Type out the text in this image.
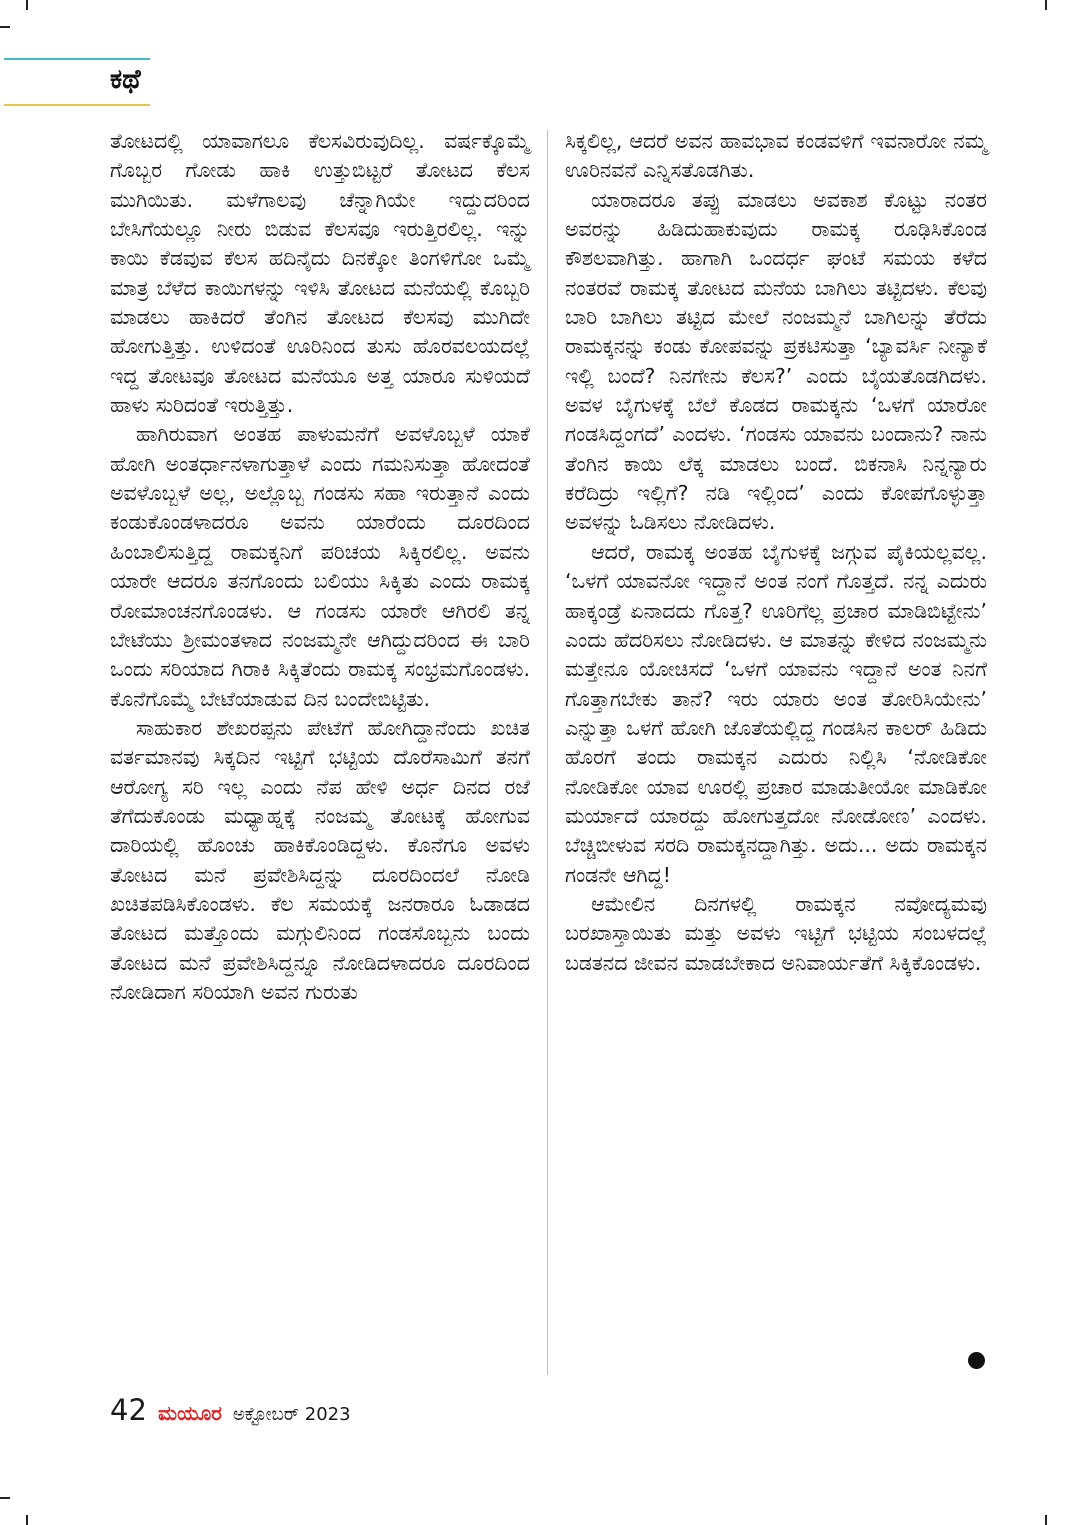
ಕಥೆ

ತೋಟದಲ್ಲಿ ಯಾವಾಗಲೂ ಕೆಲಸವಿರುವುದಿಲ್ಲ. ವರ್ಷಕ್ಕೊಮ್ಮೆ ಗೊಬ್ಬರ ಗೋಡು ಹಾಕಿ ಉತ್ತುಬಿಟ್ಟರೆ ತೋಟದ ಕೆಲಸ ಮುಗಿಯಿತು. ಮಳೆಗಾಲವು ಚೆನ್ನಾಗಿಯೇ ಇದ್ದುದರಿಂದ ಬೇಸಿಗೆಯಲ್ಲೂ ನೀರು ಬಿಡುವ ಕೆಲಸವೂ ಇರುತ್ತಿರಲಿಲ್ಲ. ಇನ್ನು ಕಾಯಿ ಕೆಡವುವ ಕೆಲಸ ಹದಿನೈದು ದಿನಕ್ಕೋ ತಿಂಗಳಿಗೋ ಒಮ್ಮೆ ಮಾತ್ರ ಬೆಳೆದ ಕಾಯಿಗಳನ್ನು ಇಳಿಸಿ ತೋಟದ ಮನೆಯಲ್ಲಿ ಕೊಬ್ಬರಿ ಮಾಡಲು ಹಾಕಿದರೆ ತೆಂಗಿನ ತೋಟದ ಕೆಲಸವು ಮುಗಿದೇ ಹೋಗುತ್ತಿತ್ತು. ಉಳಿದಂತೆ ಊರಿನಿಂದ ತುಸು ಹೊರವಲಯದಲ್ಲೆ ಇದ್ದ ತೋಟವೂ ತೋಟದ ಮನೆಯೂ ಅತ್ತ ಯಾರೂ ಸುಳಿಯದೆ ಹಾಳು ಸುರಿದಂತೆ ಇರುತ್ತಿತ್ತು.

ಹಾಗಿರುವಾಗ ಅಂತಹ ಪಾಳುಮನೆಗೆ ಅವಳೊಬ್ಬಳೆ ಯಾಕೆ ಹೋಗಿ ಅಂತರ್ಧಾನಳಾಗುತ್ತಾಳೆ ಎಂದು ಗಮನಿಸುತ್ತಾ ಹೋದಂತೆ ಅವಳೊಬ್ಬಳೆ ಅಲ್ಲ, ಅಲ್ಲೊಬ್ಬ ಗಂಡಸು ಸಹಾ ಇರುತ್ತಾನೆ ಎಂದು ಕಂಡುಕೊಂಡಳಾದರೂ ಅವನು ಯಾರೆಂದು ದೂರದಿಂದ ಹಿಂಬಾಲಿಸುತ್ತಿದ್ದ ರಾಮಕ್ಕನಿಗೆ ಪರಿಚಯ ಸಿಕ್ಕಿರಲಿಲ್ಲ. ಅವನು ಯಾರೇ ಆದರೂ ತನಗೊಂದು ಬಲಿಯು ಸಿಕ್ಕಿತು ಎಂದು ರಾಮಕ್ಕ ರೋಮಾಂಚನಗೊಂಡಳು. ಆ ಗಂಡಸು ಯಾರೇ ಆಗಿರಲಿ ತನ್ನ ಬೇಟೆಯು ಶ್ರೀಮಂತಳಾದ ನಂಜಮ್ಮನೇ ಆಗಿದ್ದುದರಿಂದ ಈ ಬಾರಿ ಒಂದು ಸರಿಯಾದ ಗಿರಾಕಿ ಸಿಕ್ಕಿತೆಂದು ರಾಮಕ್ಕ ಸಂಭ್ರಮಗೊಂಡಳು. ಕೊನೆಗೊಮ್ಮೆ ಬೇಟೆಯಾಡುವ ದಿನ ಬಂದೇಬಿಟ್ಟಿತು.

ಸಾಹುಕಾರ ಶೇಖರಪ್ಪನು ಪೇಟೆಗೆ ಹೋಗಿದ್ದಾನೆಂದು ಖಚಿತ ವರ್ತಮಾನವು ಸಿಕ್ಕದಿನ ಇಟ್ಟಿಗೆ ಭಟ್ಟಿಯ ದೊರೆಸಾಮಿಗೆ ತನಗೆ ಆರೋಗ್ಯ ಸರಿ ಇಲ್ಲ ಎಂದು ನೆಪ ಹೇಳಿ ಅರ್ಧ ದಿನದ ರಜೆ ತೆಗೆದುಕೊಂಡು ಮಧ್ಯಾಹ್ನಕ್ಕೆ ನಂಜಮ್ಮ ತೋಟಕ್ಕೆ ಹೋಗುವ ದಾರಿಯಲ್ಲಿ ಹೊಂಚು ಹಾಕಿಕೊಂಡಿದ್ದಳು. ಕೊನೆಗೂ ಅವಳು ತೋಟದ ಮನೆ ಪ್ರವೇಶಿಸಿದ್ದನ್ನು ದೂರದಿಂದಲೆ ನೋಡಿ ಖಚಿತಪಡಿಸಿಕೊಂಡಳು. ಕೆಲ ಸಮಯಕ್ಕೆ ಜನರಾರೂ ಓಡಾಡದ ತೋಟದ ಮತ್ತೊಂದು ಮಗ್ಗುಲಿನಿಂದ ಗಂಡಸೊಬ್ಬನು ಬಂದು ತೋಟದ ಮನೆ ಪ್ರವೇಶಿಸಿದ್ದನ್ನೂ ನೋಡಿದಳಾದರೂ ದೂರದಿಂದ ನೋಡಿದಾಗ ಸರಿಯಾಗಿ ಅವನ ಗುರುತು

ಸಿಕ್ಕಲಿಲ್ಲ, ಆದರೆ ಅವನ ಹಾವಭಾವ ಕಂಡವಳಿಗೆ ಇವನಾರೋ ನಮ್ಮ ಊರಿನವನೆ ಎನ್ನಿಸತೊಡಗಿತು.

ಯಾರಾದರೂ ತಪ್ಪು ಮಾಡಲು ಅವಕಾಶ ಕೊಟ್ಟು ನಂತರ ಅವರನ್ನು ಹಿಡಿದುಹಾಕುವುದು ರಾಮಕ್ಕ ರೂಢಿಸಿಕೊಂಡ ಕೌಶಲವಾಗಿತ್ತು. ಹಾಗಾಗಿ ಒಂದರ್ಧ ಘಂಟೆ ಸಮಯ ಕಳೆದ ನಂತರವೆ ರಾಮಕ್ಕ ತೋಟದ ಮನೆಯ ಬಾಗಿಲು ತಟ್ಟಿದಳು. ಕೆಲವು ಬಾರಿ ಬಾಗಿಲು ತಟ್ಟಿದ ಮೇಲೆ ನಂಜಮ್ಮನೆ ಬಾಗಿಲನ್ನು ತೆರೆದು ರಾಮಕ್ಕನನ್ನು ಕಂಡು ಕೋಪವನ್ನು ಪ್ರಕಟಿಸುತ್ತಾ ‘ಬ್ಯಾವರ್ಸಿ ನೀನ್ಯಾಕೆ ಇಲ್ಲಿ ಬಂದೆ? ನಿನಗೇನು ಕೆಲಸ?’ ಎಂದು ಬೈಯತೊಡಗಿದಳು. ಅವಳ ಬೈಗುಳಕ್ಕೆ ಬೆಲೆ ಕೊಡದ ರಾಮಕ್ಕನು ‘ಒಳಗೆ ಯಾರೋ ಗಂಡಸಿದ್ದಂಗದೆ’ ಎಂದಳು. ‘ಗಂಡಸು ಯಾವನು ಬಂದಾನು? ನಾನು ತೆಂಗಿನ ಕಾಯಿ ಲೆಕ್ಕ ಮಾಡಲು ಬಂದೆ. ಬಿಕನಾಸಿ ನಿನ್ನನ್ಯಾರು ಕರೆದಿದ್ರು ಇಲ್ಲಿಗೆ? ನಡಿ ಇಲ್ಲಿಂದ’ ಎಂದು ಕೋಪಗೊಳ್ಳುತ್ತಾ ಅವಳನ್ನು ಓಡಿಸಲು ನೋಡಿದಳು.

ಆದರೆ, ರಾಮಕ್ಕ ಅಂತಹ ಬೈಗುಳಕ್ಕೆ ಜಗ್ಗುವ ಪೈಕಿಯಲ್ಲವಲ್ಲ. ‘ಒಳಗೆ ಯಾವನೋ ಇದ್ದಾನೆ ಅಂತ ನಂಗೆ ಗೊತ್ತದೆ. ನನ್ನ ಎದುರು ಹಾಕ್ಕಂಡ್ರೆ ಏನಾದದು ಗೊತ್ತ? ಊರಿಗೆಲ್ಲ ಪ್ರಚಾರ ಮಾಡಿಬಿಟ್ಟೇನು’ ಎಂದು ಹೆದರಿಸಲು ನೋಡಿದಳು. ಆ ಮಾತನ್ನು ಕೇಳಿದ ನಂಜಮ್ಮನು ಮತ್ತೇನೂ ಯೋಚಿಸದೆ ‘ಒಳಗೆ ಯಾವನು ಇದ್ದಾನೆ ಅಂತ ನಿನಗೆ ಗೊತ್ತಾಗಬೇಕು ತಾನೆ? ಇರು ಯಾರು ಅಂತ ತೋರಿಸಿಯೇನು’ ಎನ್ನುತ್ತಾ ಒಳಗೆ ಹೋಗಿ ಜೊತೆಯಲ್ಲಿದ್ದ ಗಂಡಸಿನ ಕಾಲರ್ ಹಿಡಿದು ಹೊರಗೆ ತಂದು ರಾಮಕ್ಕನ ಎದುರು ನಿಲ್ಲಿಸಿ ‘ನೋಡಿಕೋ ನೋಡಿಕೋ ಯಾವ ಊರಲ್ಲಿ ಪ್ರಚಾರ ಮಾಡುತೀಯೋ ಮಾಡಿಕೋ ಮರ್ಯಾದೆ ಯಾರದ್ದು ಹೋಗುತ್ತದೋ ನೋಡೋಣ’ ಎಂದಳು. ಬೆಚ್ಚಿಬೀಳುವ ಸರದಿ ರಾಮಕ್ಕನದ್ದಾಗಿತ್ತು. ಅದು... ಅದು ರಾಮಕ್ಕನ ಗಂಡನೇ ಆಗಿದ್ದ!

ಆಮೇಲಿನ ದಿನಗಳಲ್ಲಿ ರಾಮಕ್ಕನ ನವೋದ್ಯಮವು ಬರಖಾಸ್ತಾಯಿತು ಮತ್ತು ಅವಳು ಇಟ್ಟಿಗೆ ಭಟ್ಟಿಯ ಸಂಬಳದಲ್ಲೆ ಬಡತನದ ಜೀವನ ಮಾಡಬೇಕಾದ ಅನಿವಾರ್ಯತೆಗೆ ಸಿಕ್ಕಿಕೊಂಡಳು.

42 ಮಯೂರ ಅಕ್ಟೋಬರ್ 2023
